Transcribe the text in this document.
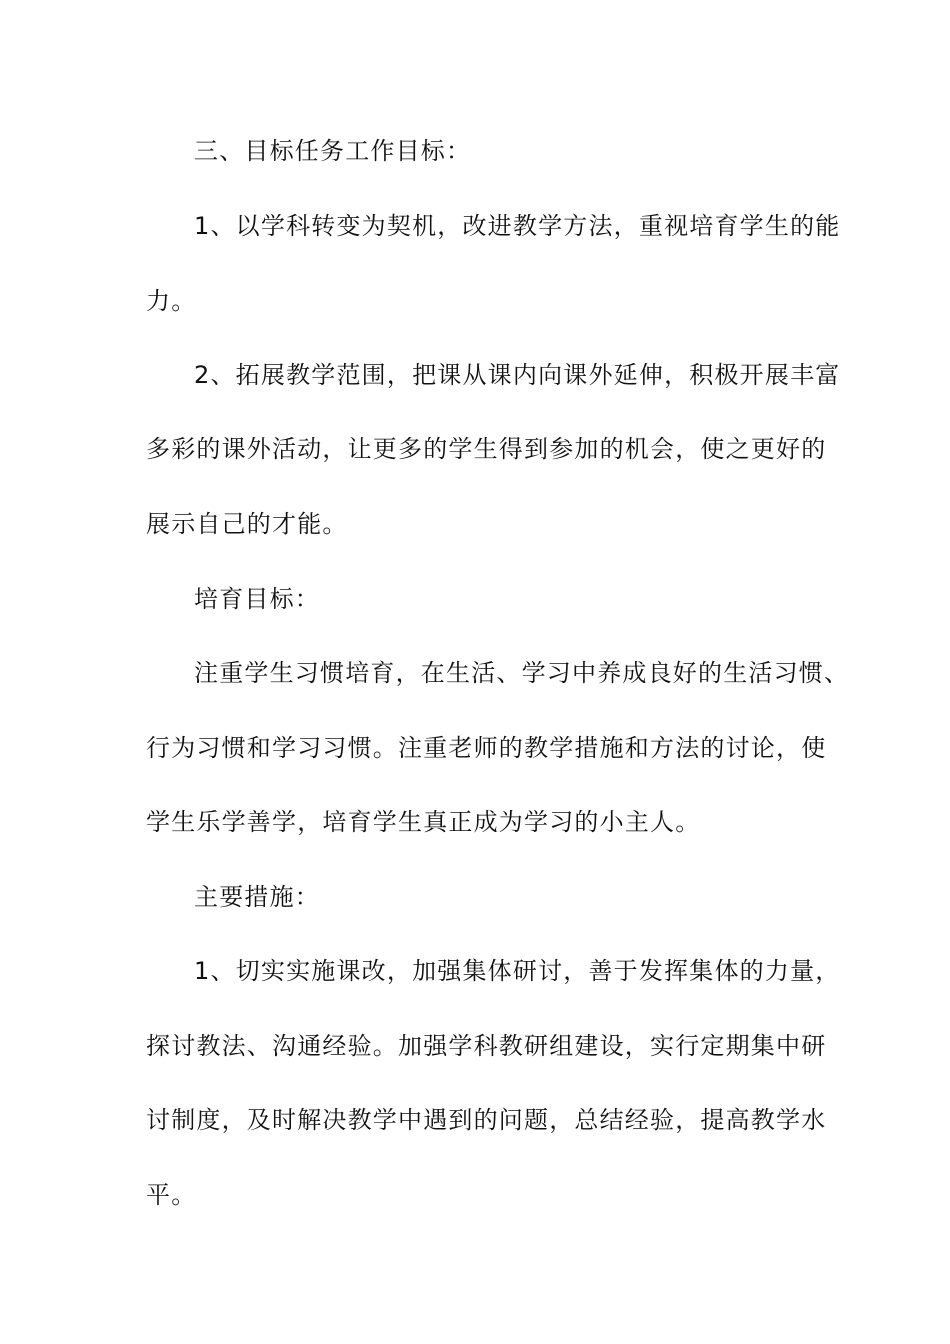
三、目标任务工作目标：
1、以学科转变为契机，改进教学方法，重视培育学生的能
力。
2、拓展教学范围，把课从课内向课外延伸，积极开展丰富
多彩的课外活动，让更多的学生得到参加的机会，使之更好的
展示自己的才能。
培育目标：
注重学生习惯培育，在生活、学习中养成良好的生活习惯、
行为习惯和学习习惯。注重老师的教学措施和方法的讨论，使
学生乐学善学，培育学生真正成为学习的小主人。
主要措施：
1、切实实施课改，加强集体研讨，善于发挥集体的力量，
探讨教法、沟通经验。加强学科教研组建设，实行定期集中研
讨制度，及时解决教学中遇到的问题，总结经验，提高教学水
平。
